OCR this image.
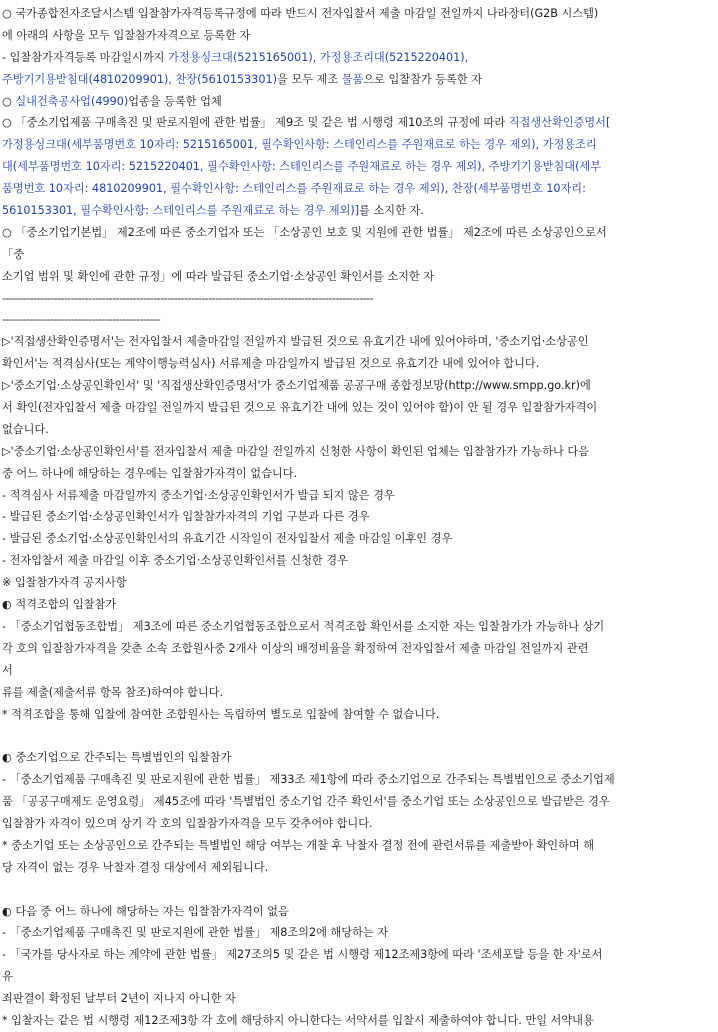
○ 국가종합전자조달시스템 입찰참가자격등록규정에 따라 반드시 전자입찰서 제출 마감일 전일까지 나라장터(G2B 시스템)
에 아래의 사항을 모두 입찰참가자격으로 등록한 자
- 입찰참가자격등록 마감일시까지 가정용싱크대(5215165001), 가정용조리대(5215220401),
주방기기용받침대(4810209901), 찬장(5610153301)을 모두 제조 물품으로 입찰참가 등록한 자
○ 실내건축공사업(4990)업종을 등록한 업체
○ 「중소기업제품 구매촉진 및 판로지원에 관한 법률」 제9조 및 같은 법 시행령 제10조의 규정에 따라 직접생산확인증명서[
가정용싱크대(세부품명번호 10자리: 5215165001, 필수확인사항: 스테인리스를 주원재료로 하는 경우 제외), 가정용조리
대(세부품명번호 10자리: 5215220401, 필수확인사항: 스테인리스를 주원재료로 하는 경우 제외), 주방기기용받침대(세부
품명번호 10자리: 4810209901, 필수확인사항: 스테인리스를 주원재료로 하는 경우 제외), 찬장(세부품명번호 10자리:
5610153301, 필수확인사항: 스테인리스를 주원재료로 하는 경우 제외)]를 소지한 자.
○ 「중소기업기본법」 제2조에 따른 중소기업자 또는 「소상공인 보호 및 지원에 관한 법률」 제2조에 따른 소상공인으로서
「중
소기업 범위 및 확인에 관한 규정」에 따라 발급된 중소기업·소상공인 확인서를 소지한 자
------------------------------------------------------------------------------------------------------------
----------------------------------------------
▷'직접생산확인증명서'는 전자입찰서 제출마감일 전일까지 발급된 것으로 유효기간 내에 있어야하며, '중소기업·소상공인
확인서'는 적격심사(또는 계약이행능력심사) 서류제출 마감일까지 발급된 것으로 유효기간 내에 있어야 합니다.
▷'중소기업·소상공인확인서' 및 '직접생산확인증명서'가 중소기업제품 공공구매 종합정보망(http://www.smpp.go.kr)에
서 확인(전자입찰서 제출 마감일 전일까지 발급된 것으로 유효기간 내에 있는 것이 있어야 함)이 안 될 경우 입찰참가자격이
없습니다.
▷'중소기업·소상공인확인서'를 전자입찰서 제출 마감일 전일까지 신청한 사항이 확인된 업체는 입찰참가가 가능하나 다음
중 어느 하나에 해당하는 경우에는 입찰참가자격이 없습니다.
- 적격심사 서류제출 마감일까지 중소기업·소상공인확인서가 발급 되지 않은 경우
- 발급된 중소기업·소상공인확인서가 입찰참가자격의 기업 구분과 다른 경우
- 발급된 중소기업·소상공인확인서의 유효기간 시작일이 전자입찰서 제출 마감일 이후인 경우
- 전자입찰서 제출 마감일 이후 중소기업·소상공인확인서를 신청한 경우
※ 입찰참가자격 공지사항
◐ 적격조합의 입찰참가
- 「중소기업협동조합법」 제3조에 따른 중소기업협동조합으로서 적격조합 확인서를 소지한 자는 입찰참가가 가능하나 상기
각 호의 입찰참가자격을 갖춘 소속 조합원사중 2개사 이상의 배정비율을 확정하여 전자입찰서 제출 마감일 전일까지 관련
서
류를 제출(제출서류 항목 참조)하여야 합니다.
* 적격조합을 통해 입찰에 참여한 조합원사는 독립하여 별도로 입찰에 참여할 수 없습니다.
◐ 중소기업으로 간주되는 특별법인의 입찰참가
- 「중소기업제품 구매촉진 및 판로지원에 관한 법률」 제33조 제1항에 따라 중소기업으로 간주되는 특별법인으로 중소기업제
품 「공공구매제도 운영요령」 제45조에 따라 '특별법인 중소기업 간주 확인서'를 중소기업 또는 소상공인으로 발급받은 경우
입찰참가 자격이 있으며 상기 각 호의 입찰참가자격을 모두 갖추어야 합니다.
* 중소기업 또는 소상공인으로 간주되는 특별법인 해당 여부는 개찰 후 낙찰자 결정 전에 관련서류를 제출받아 확인하며 해
당 자격이 없는 경우 낙찰자 결정 대상에서 제외됩니다.
◐ 다음 중 어느 하나에 해당하는 자는 입찰참가자격이 없음
- 「중소기업제품 구매촉진 및 판로지원에 관한 법률」 제8조의2에 해당하는 자
- 「국가를 당사자로 하는 계약에 관한 법률」 제27조의5 및 같은 법 시행령 제12조제3항에 따라 '조세포탈 등을 한 자'로서
유
죄판결이 확정된 날부터 2년이 지나지 아니한 자
* 입찰자는 같은 법 시행령 제12조제3항 각 호에 해당하지 아니한다는 서약서를 입찰시 제출하여야 합니다. 만일 서약내용
